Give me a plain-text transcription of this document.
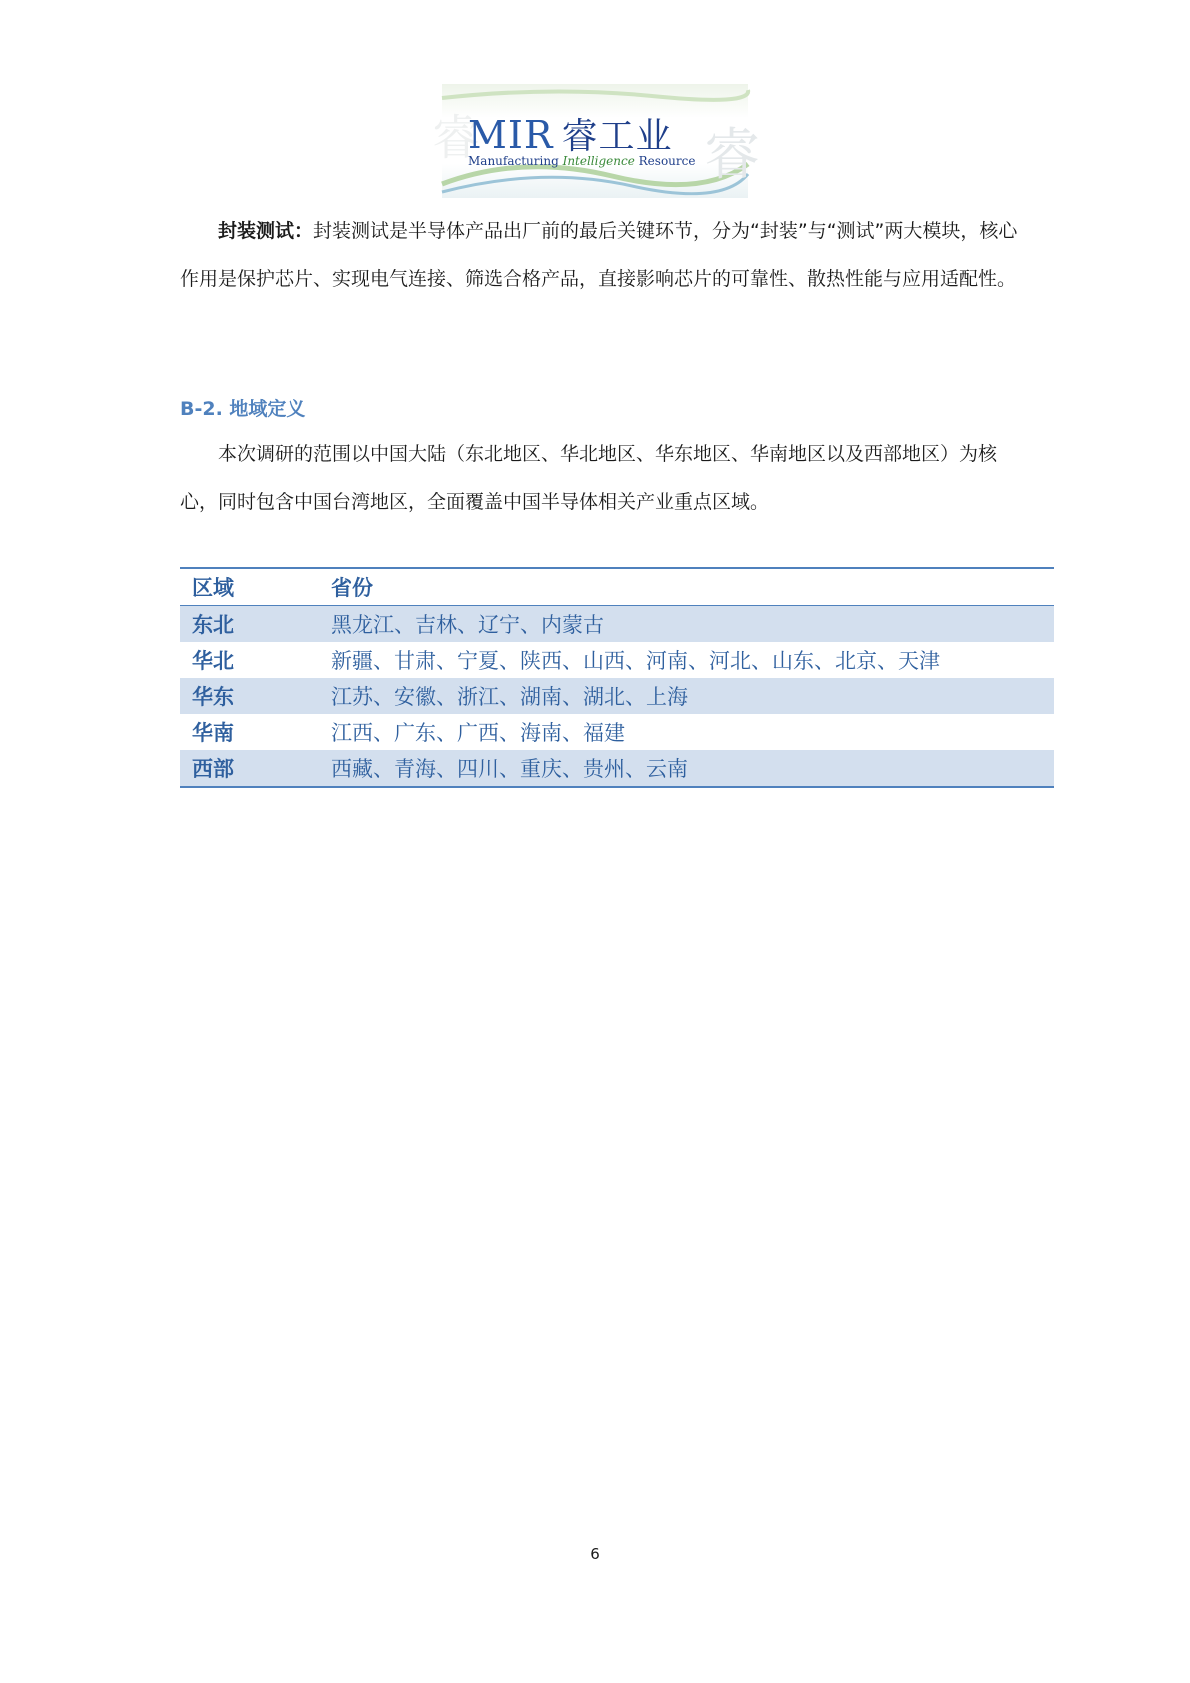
睿
睿
MIR 睿工业
Manufacturing Intelligence Resource

封装测试：封装测试是半导体产品出厂前的最后关键环节，分为“封装”与“测试”两大模块，核心作用是保护芯片、实现电气连接、筛选合格产品，直接影响芯片的可靠性、散热性能与应用适配性。

B-2. 地域定义

本次调研的范围以中国大陆（东北地区、华北地区、华东地区、华南地区以及西部地区）为核心，同时包含中国台湾地区，全面覆盖中国半导体相关产业重点区域。

区域	省份
东北	黑龙江、吉林、辽宁、内蒙古
华北	新疆、甘肃、宁夏、陕西、山西、河南、河北、山东、北京、天津
华东	江苏、安徽、浙江、湖南、湖北、上海
华南	江西、广东、广西、海南、福建
西部	西藏、青海、四川、重庆、贵州、云南
6
